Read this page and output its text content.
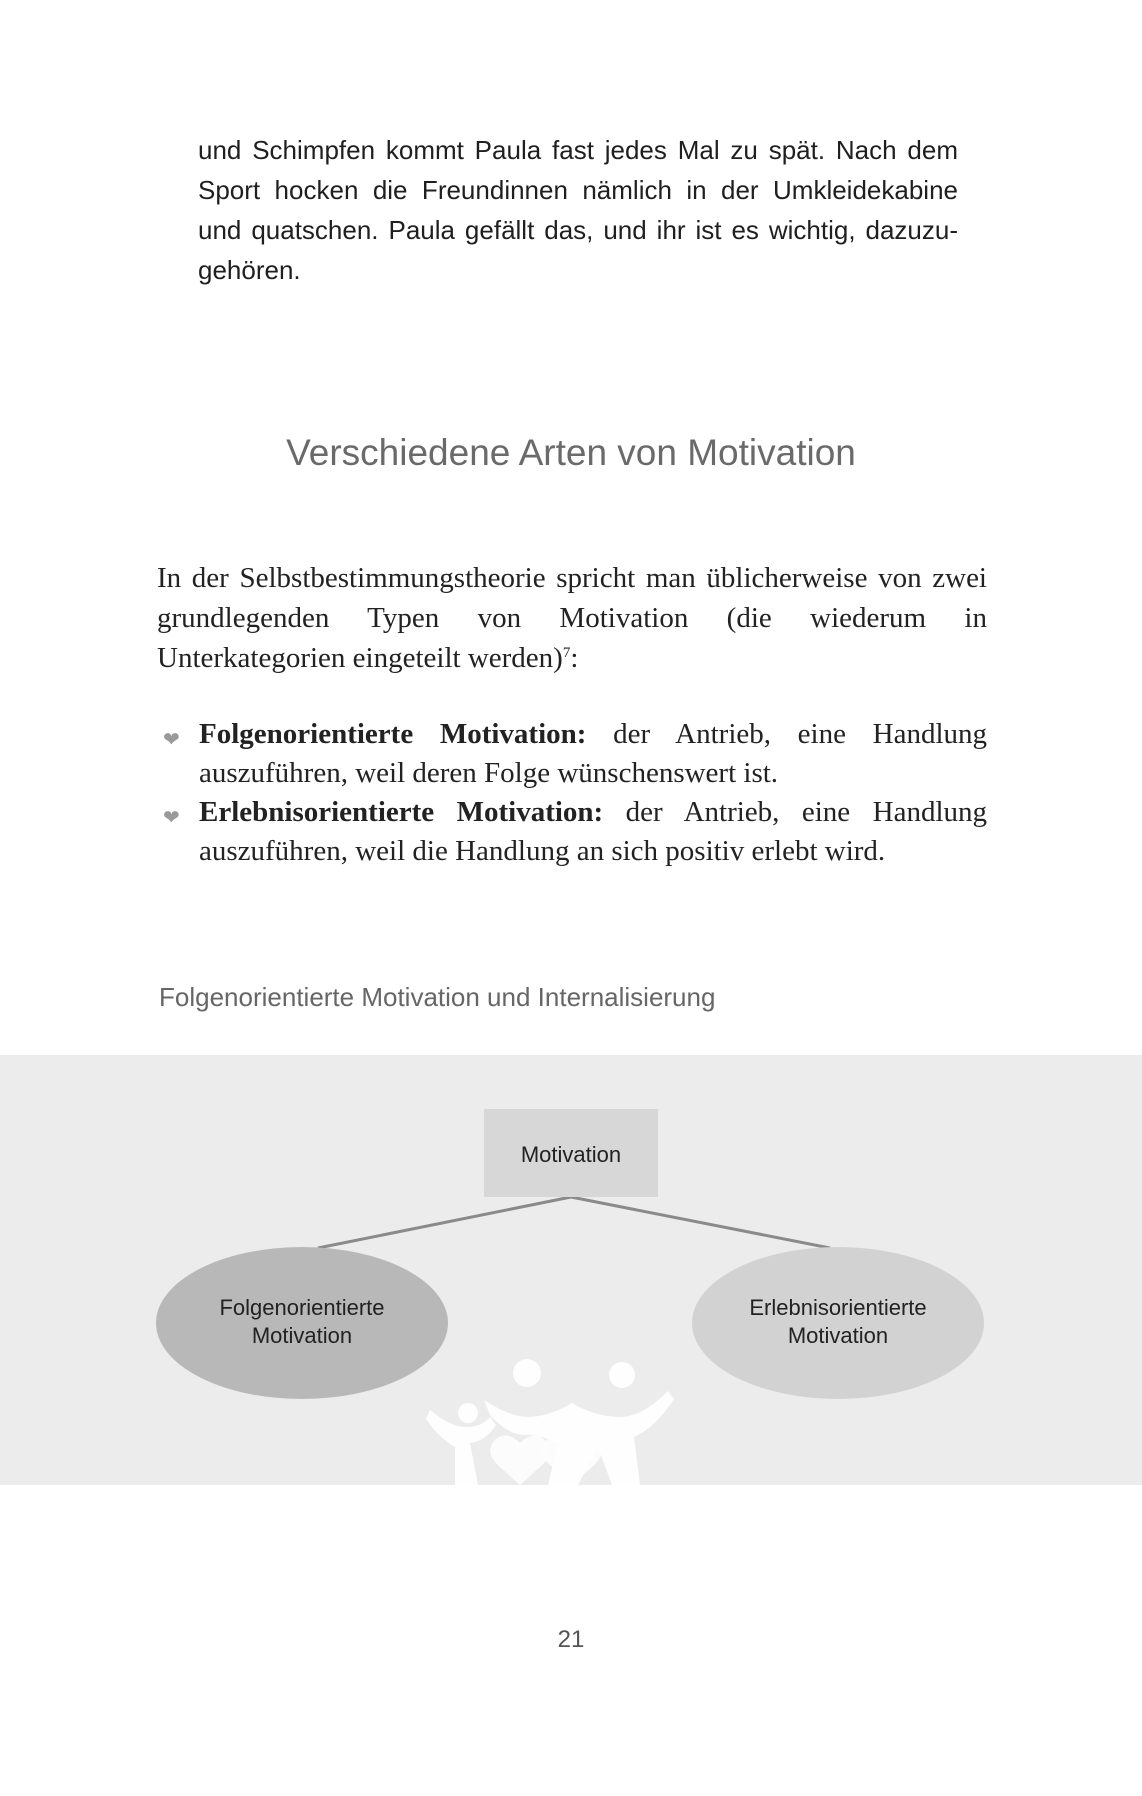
und Schimpfen kommt Paula fast jedes Mal zu spät. Nach dem Sport hocken die Freundinnen nämlich in der Umkleidekabine und quatschen. Paula gefällt das, und ihr ist es wichtig, dazuzu-gehören.

Verschiedene Arten von Motivation

In der Selbstbestimmungstheorie spricht man üblicherweise von zwei grundlegenden Typen von Motivation (die wiederum in Unterkategorien eingeteilt werden)$^7$:

❤ Folgenorientierte Motivation: der Antrieb, eine Handlung auszuführen, weil deren Folge wünschenswert ist.
❤ Erlebnisorientierte Motivation: der Antrieb, eine Handlung auszuführen, weil die Handlung an sich positiv erlebt wird.
Folgenorientierte Motivation und Internalisierung
Motivation
Folgenorientierte
Motivation
Erlebnisorientierte
Motivation
21
